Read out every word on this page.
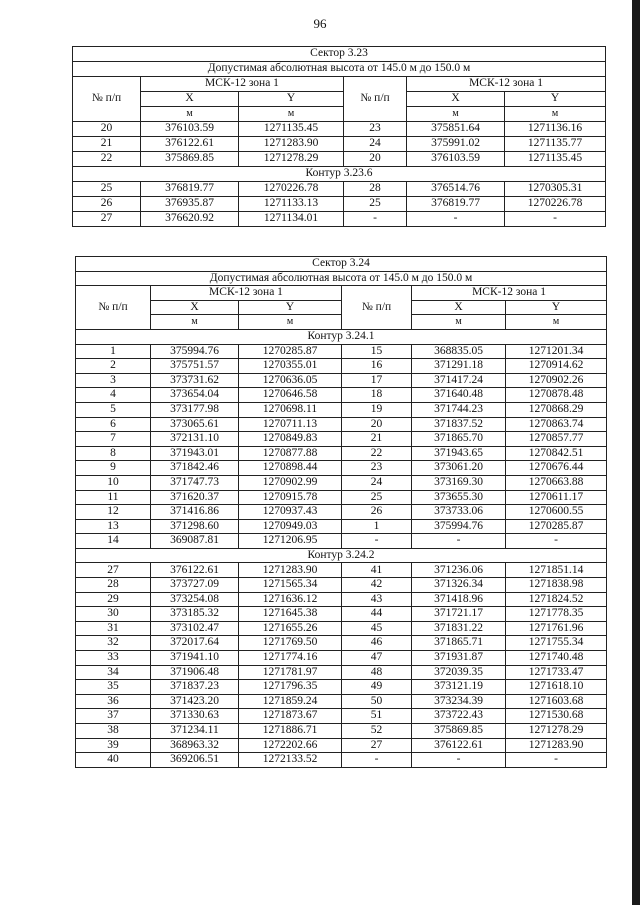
96
Сектор 3.23					
Допустимая абсолютная высота от 145.0 м до 150.0 м					
№ п/п	МСК-12 зона 1		№ п/п	МСК-12 зона 1	
	X	Y		X	Y
	м	м		м	м
20	376103.59	1271135.45	23	375851.64	1271136.16
21	376122.61	1271283.90	24	375991.02	1271135.77
22	375869.85	1271278.29	20	376103.59	1271135.45
Контур 3.23.6					
25	376819.77	1270226.78	28	376514.76	1270305.31
26	376935.87	1271133.13	25	376819.77	1270226.78
27	376620.92	1271134.01	-	-	-
Сектор 3.24					
Допустимая абсолютная высота от 145.0 м до 150.0 м					
№ п/п	МСК-12 зона 1		№ п/п	МСК-12 зона 1	
	X	Y		X	Y
	м	м		м	м
Контур 3.24.1					
1	375994.76	1270285.87	15	368835.05	1271201.34
2	375751.57	1270355.01	16	371291.18	1270914.62
3	373731.62	1270636.05	17	371417.24	1270902.26
4	373654.04	1270646.58	18	371640.48	1270878.48
5	373177.98	1270698.11	19	371744.23	1270868.29
6	373065.61	1270711.13	20	371837.52	1270863.74
7	372131.10	1270849.83	21	371865.70	1270857.77
8	371943.01	1270877.88	22	371943.65	1270842.51
9	371842.46	1270898.44	23	373061.20	1270676.44
10	371747.73	1270902.99	24	373169.30	1270663.88
11	371620.37	1270915.78	25	373655.30	1270611.17
12	371416.86	1270937.43	26	373733.06	1270600.55
13	371298.60	1270949.03	1	375994.76	1270285.87
14	369087.81	1271206.95	-	-	-
Контур 3.24.2					
27	376122.61	1271283.90	41	371236.06	1271851.14
28	373727.09	1271565.34	42	371326.34	1271838.98
29	373254.08	1271636.12	43	371418.96	1271824.52
30	373185.32	1271645.38	44	371721.17	1271778.35
31	373102.47	1271655.26	45	371831.22	1271761.96
32	372017.64	1271769.50	46	371865.71	1271755.34
33	371941.10	1271774.16	47	371931.87	1271740.48
34	371906.48	1271781.97	48	372039.35	1271733.47
35	371837.23	1271796.35	49	373121.19	1271618.10
36	371423.20	1271859.24	50	373234.39	1271603.68
37	371330.63	1271873.67	51	373722.43	1271530.68
38	371234.11	1271886.71	52	375869.85	1271278.29
39	368963.32	1272202.66	27	376122.61	1271283.90
40	369206.51	1272133.52	-	-	-
